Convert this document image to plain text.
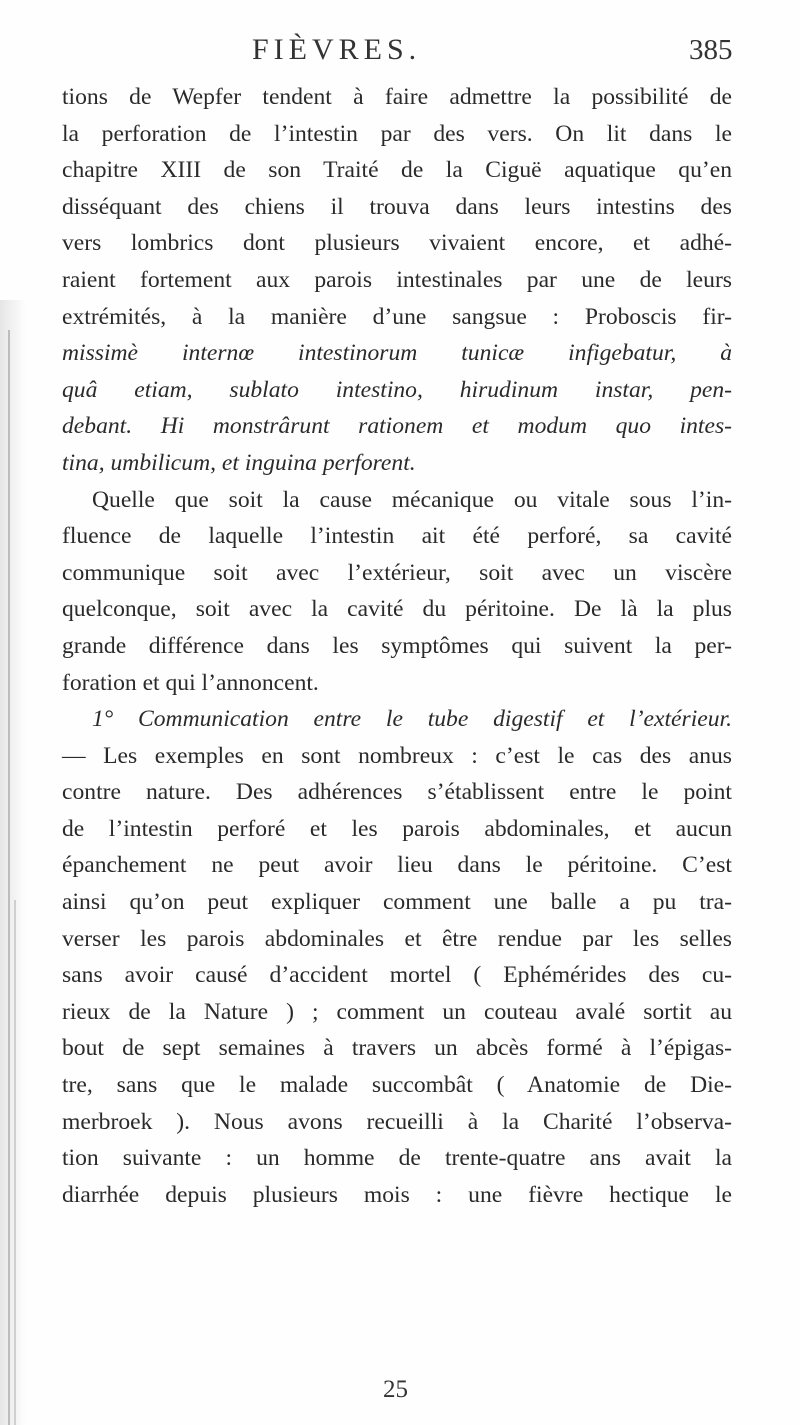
FIÈVRES.	385
tions de Wepfer tendent à faire admettre la possibilité de
la perforation de l’intestin par des vers. On lit dans le
chapitre XIII de son Traité de la Ciguë aquatique qu’en
disséquant des chiens il trouva dans leurs intestins des
vers lombrics dont plusieurs vivaient encore, et adhé-
raient fortement aux parois intestinales par une de leurs
extrémités, à la manière d’une sangsue : Proboscis fir-
missimè internœ intestinorum tunicæ infigebatur, à
quâ etiam, sublato intestino, hirudinum instar, pen-
debant. Hi monstrârunt rationem et modum quo intes-
tina, umbilicum, et inguina perforent.
Quelle que soit la cause mécanique ou vitale sous l’in-
fluence de laquelle l’intestin ait été perforé, sa cavité
communique soit avec l’extérieur, soit avec un viscère
quelconque, soit avec la cavité du péritoine. De là la plus
grande différence dans les symptômes qui suivent la per-
foration et qui l’annoncent.
1° Communication entre le tube digestif et l’extérieur.
— Les exemples en sont nombreux : c’est le cas des anus
contre nature. Des adhérences s’établissent entre le point
de l’intestin perforé et les parois abdominales, et aucun
épanchement ne peut avoir lieu dans le péritoine. C’est
ainsi qu’on peut expliquer comment une balle a pu tra-
verser les parois abdominales et être rendue par les selles
sans avoir causé d’accident mortel ( Ephémérides des cu-
rieux de la Nature ) ; comment un couteau avalé sortit au
bout de sept semaines à travers un abcès formé à l’épigas-
tre, sans que le malade succombât ( Anatomie de Die-
merbroek ). Nous avons recueilli à la Charité l’observa-
tion suivante : un homme de trente-quatre ans avait la
diarrhée depuis plusieurs mois : une fièvre hectique le
25
